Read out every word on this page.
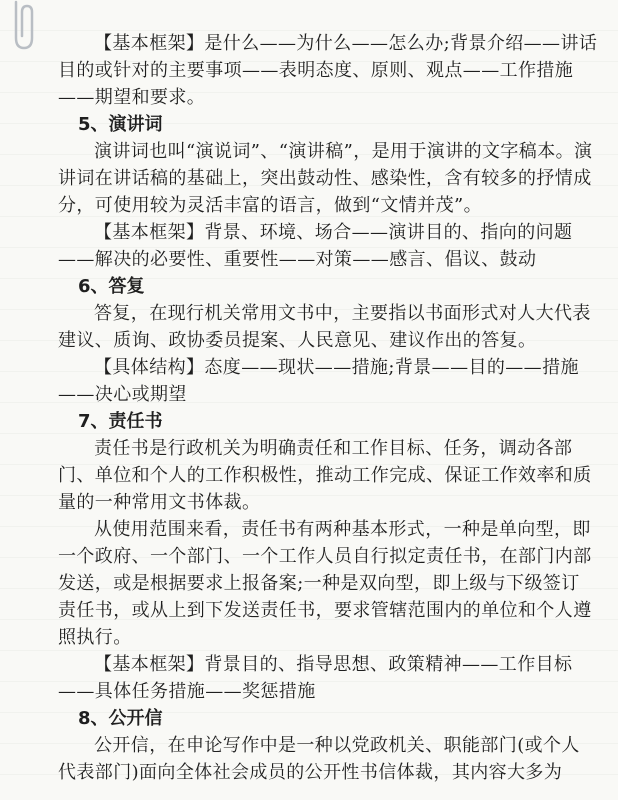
【基本框架】是什么——为什么——怎么办;背景介绍——讲话目的或针对的主要事项——表明态度、原则、观点——工作措施——期望和要求。

5、演讲词

演讲词也叫“演说词”、“演讲稿”，是用于演讲的文字稿本。演讲词在讲话稿的基础上，突出鼓动性、感染性，含有较多的抒情成分，可使用较为灵活丰富的语言，做到“文情并茂”。

【基本框架】背景、环境、场合——演讲目的、指向的问题——解决的必要性、重要性——对策——感言、倡议、鼓动

6、答复

答复，在现行机关常用文书中，主要指以书面形式对人大代表建议、质询、政协委员提案、人民意见、建议作出的答复。

【具体结构】态度——现状——措施;背景——目的——措施——决心或期望

7、责任书

责任书是行政机关为明确责任和工作目标、任务，调动各部门、单位和个人的工作积极性，推动工作完成、保证工作效率和质量的一种常用文书体裁。

从使用范围来看，责任书有两种基本形式，一种是单向型，即一个政府、一个部门、一个工作人员自行拟定责任书，在部门内部发送，或是根据要求上报备案;一种是双向型，即上级与下级签订责任书，或从上到下发送责任书，要求管辖范围内的单位和个人遵照执行。

【基本框架】背景目的、指导思想、政策精神——工作目标——具体任务措施——奖惩措施

8、公开信

公开信，在申论写作中是一种以党政机关、职能部门(或个人代表部门)面向全体社会成员的公开性书信体裁，其内容大多为
